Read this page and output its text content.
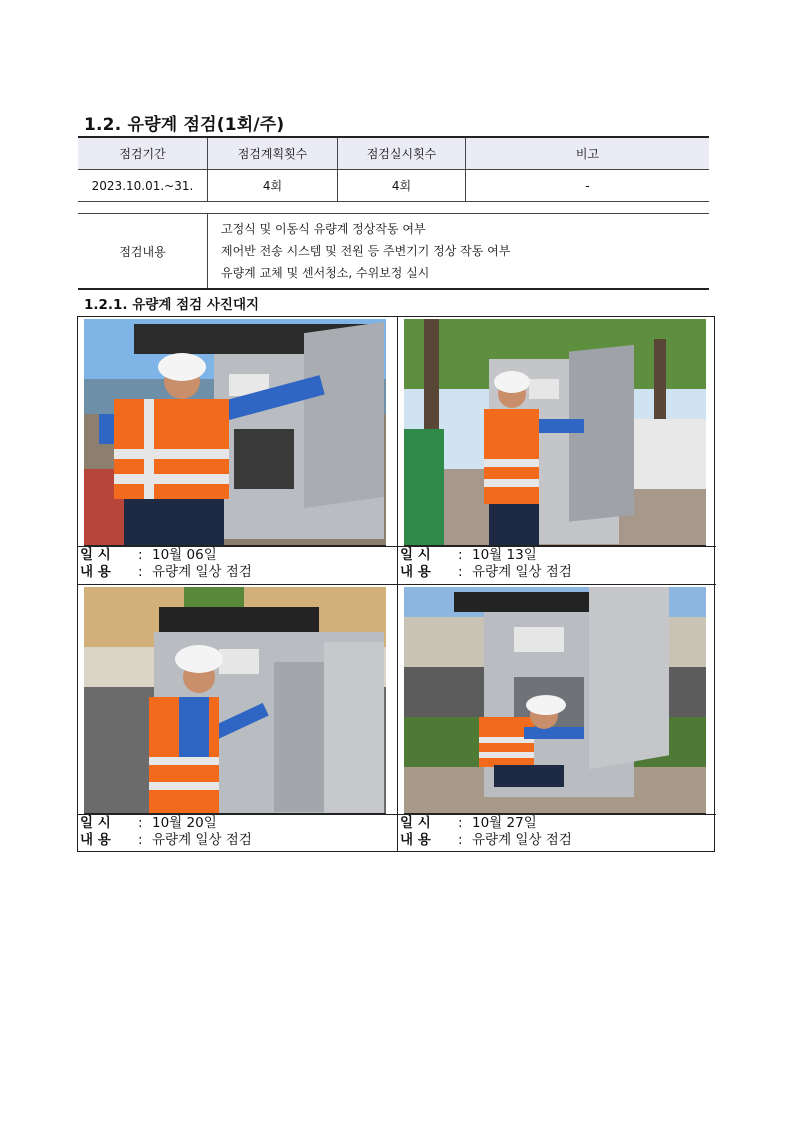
1.2. 유량계 점검(1회/주)
점검기간	점검계획횟수	점검실시횟수	비고
2023.10.01.~31.	4회	4회	-
점검내용	
고정식 및 이동식 유량계 정상작동 여부
제어반 전송 시스템 및 전원 등 주변기기 정상 작동 여부
유량계 교체 및 센서청소, 수위보정 실시
1.2.1. 유량계 점검 사진대지
일 시 : 10월 06일
내 용 : 유량계 일상 점검
일 시 : 10월 13일
내 용 : 유량계 일상 점검
일 시 : 10월 20일
내 용 : 유량계 일상 점검
일 시 : 10월 27일
내 용 : 유량계 일상 점검
